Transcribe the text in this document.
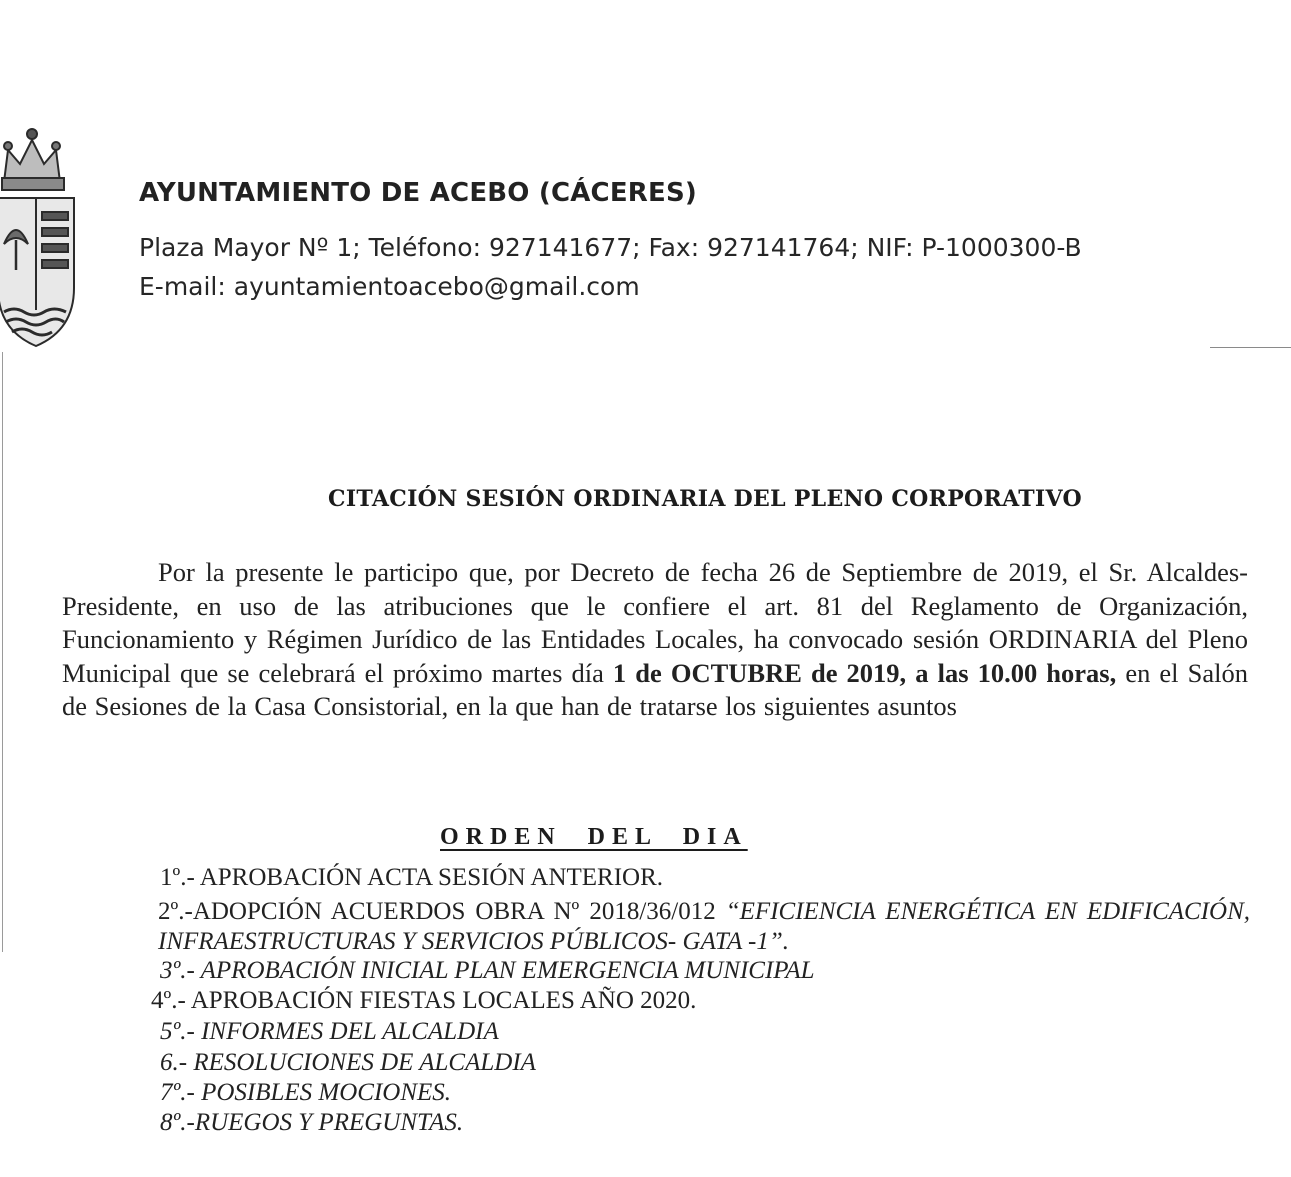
AYUNTAMIENTO DE ACEBO (CÁCERES)

Plaza Mayor Nº 1; Teléfono: 927141677; Fax: 927141764; NIF: P-1000300-B

E-mail: ayuntamientoacebo@gmail.com

CITACIÓN SESIÓN ORDINARIA DEL PLENO CORPORATIVO

Por la presente le participo que, por Decreto de fecha 26 de Septiembre de 2019, el Sr. Alcaldes-Presidente, en uso de las atribuciones que le confiere el art. 81 del Reglamento de Organización, Funcionamiento y Régimen Jurídico de las Entidades Locales, ha convocado sesión ORDINARIA del Pleno Municipal que se celebrará el próximo martes día 1 de OCTUBRE de 2019, a las 10.00 horas, en el Salón de Sesiones de la Casa Consistorial, en la que han de tratarse los siguientes asuntos

ORDEN  DEL  DIA

1º.- APROBACIÓN ACTA SESIÓN ANTERIOR.

2º.-ADOPCIÓN ACUERDOS OBRA Nº 2018/36/012 “EFICIENCIA ENERGÉTICA EN EDIFICACIÓN, INFRAESTRUCTURAS Y SERVICIOS PÚBLICOS- GATA -1”.

3º.- APROBACIÓN INICIAL PLAN EMERGENCIA MUNICIPAL

4º.- APROBACIÓN FIESTAS LOCALES AÑO 2020.

5º.- INFORMES DEL ALCALDIA

6.- RESOLUCIONES DE ALCALDIA

7º.- POSIBLES MOCIONES.

8º.-RUEGOS Y PREGUNTAS.
